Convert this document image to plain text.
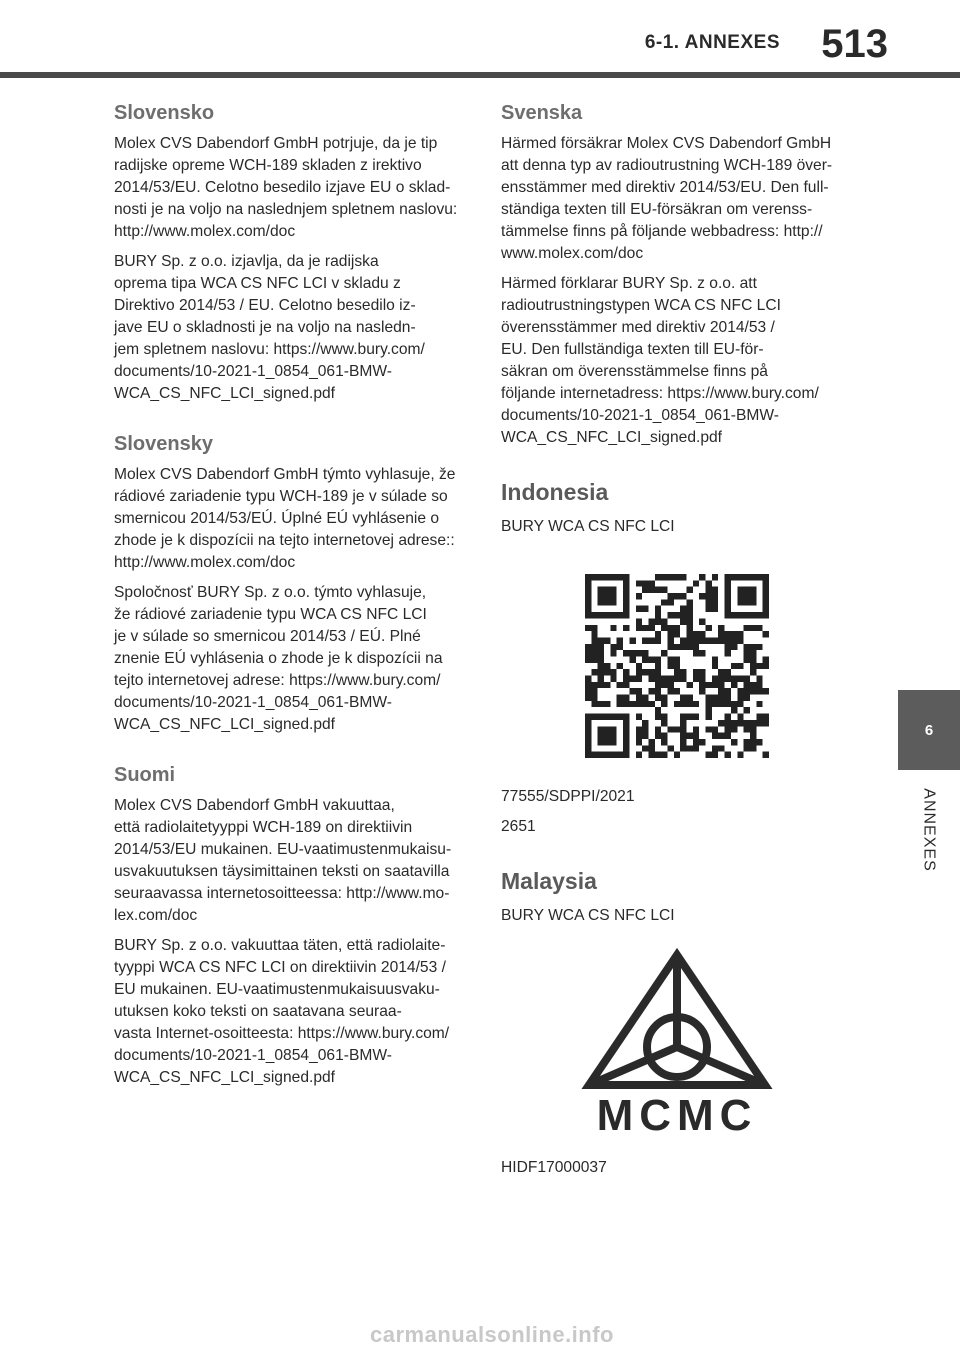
6-1. ANNEXES 513
Slovensko

Molex CVS Dabendorf GmbH potrjuje, da je tip
radijske opreme WCH-189 skladen z irektivo
2014/53/EU. Celotno besedilo izjave EU o sklad-
nosti je na voljo na naslednjem spletnem naslovu:
http://www.molex.com/doc

BURY Sp. z o.o. izjavlja, da je radijska
oprema tipa WCA CS NFC LCI v skladu z
Direktivo 2014/53 / EU. Celotno besedilo iz-
jave EU o skladnosti je na voljo na nasledn-
jem spletnem naslovu: https://www.bury.com/
documents/10-2021-1_0854_061-BMW-
WCA_CS_NFC_LCI_signed.pdf

Slovensky

Molex CVS Dabendorf GmbH týmto vyhlasuje, že
rádiové zariadenie typu WCH-189 je v súlade so
smernicou 2014/53/EÚ. Úplné EÚ vyhlásenie o
zhode je k dispozícii na tejto internetovej adrese::
http://www.molex.com/doc

Spoločnosť BURY Sp. z o.o. týmto vyhlasuje,
že rádiové zariadenie typu WCA CS NFC LCI
je v súlade so smernicou 2014/53 / EÚ. Plné
znenie EÚ vyhlásenia o zhode je k dispozícii na
tejto internetovej adrese: https://www.bury.com/
documents/10-2021-1_0854_061-BMW-
WCA_CS_NFC_LCI_signed.pdf

Suomi

Molex CVS Dabendorf GmbH vakuuttaa,
että radiolaitetyyppi WCH-189 on direktiivin
2014/53/EU mukainen. EU-vaatimustenmukaisu-
usvakuutuksen täysimittainen teksti on saatavilla
seuraavassa internetosoitteessa: http://www.mo-
lex.com/doc

BURY Sp. z o.o. vakuuttaa täten, että radiolaite-
tyyppi WCA CS NFC LCI on direktiivin 2014/53 /
EU mukainen. EU-vaatimustenmukaisuusvaku-
utuksen koko teksti on saatavana seuraa-
vasta Internet-osoitteesta: https://www.bury.com/
documents/10-2021-1_0854_061-BMW-
WCA_CS_NFC_LCI_signed.pdf

Svenska

Härmed försäkrar Molex CVS Dabendorf GmbH
att denna typ av radioutrustning WCH-189 över-
ensstämmer med direktiv 2014/53/EU. Den full-
ständiga texten till EU-försäkran om verenss-
tämmelse finns på följande webbadress: http://
www.molex.com/doc

Härmed förklarar BURY Sp. z o.o. att
radioutrustningstypen WCA CS NFC LCI
överensstämmer med direktiv 2014/53 /
EU. Den fullständiga texten till EU-för-
säkran om överensstämmelse finns på
följande internetadress: https://www.bury.com/
documents/10-2021-1_0854_061-BMW-
WCA_CS_NFC_LCI_signed.pdf

Indonesia

BURY WCA CS NFC LCI

77555/SDPPI/2021

2651

Malaysia

BURY WCA CS NFC LCI

MCMC

HIDF17000037

6
ANNEXES
carmanualsonline.info
